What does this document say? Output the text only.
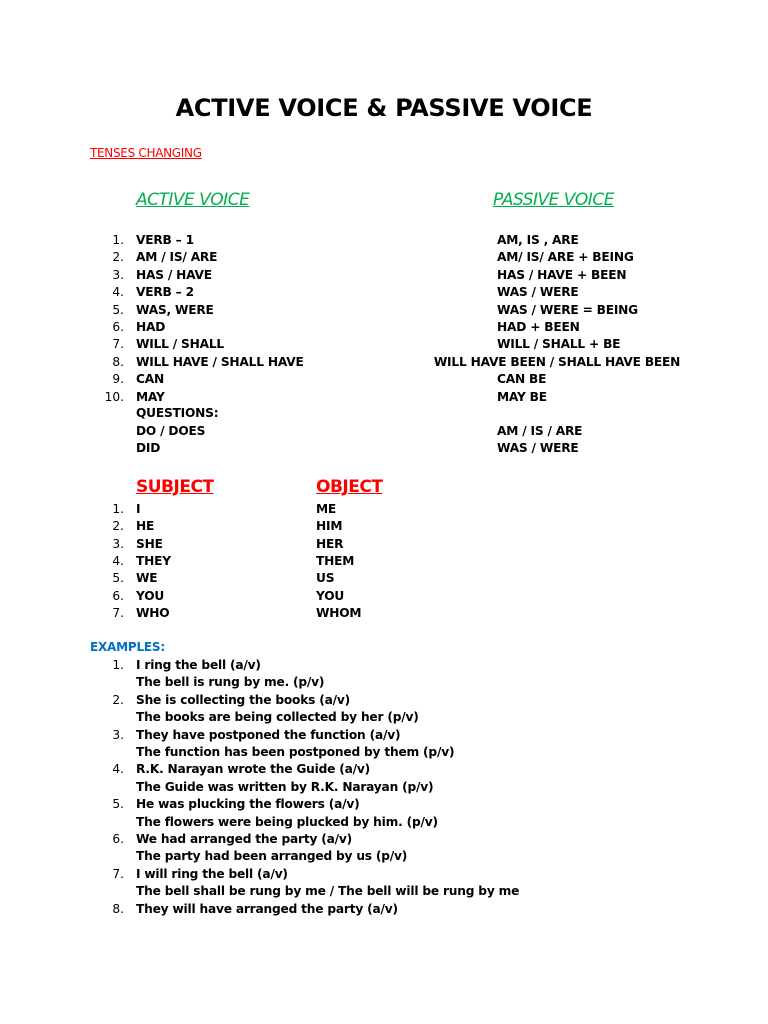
ACTIVE VOICE & PASSIVE VOICE
TENSES CHANGING
ACTIVE VOICE	PASSIVE VOICE
1. VERB – 1	AM, IS , ARE
2. AM / IS/ ARE	AM/ IS/ ARE + BEING
3. HAS / HAVE	HAS / HAVE + BEEN
4. VERB – 2	WAS / WERE
5. WAS, WERE	WAS / WERE = BEING
6. HAD	HAD + BEEN
7. WILL / SHALL	WILL / SHALL + BE
8. WILL HAVE / SHALL HAVE	WILL HAVE BEEN / SHALL HAVE BEEN
9. CAN	CAN BE
10. MAY	MAY BE
QUESTIONS:
DO / DOES	AM / IS / ARE
DID	WAS / WERE
SUBJECT	OBJECT
1. I	ME
2. HE	HIM
3. SHE	HER
4. THEY	THEM
5. WE	US
6. YOU	YOU
7. WHO	WHOM
EXAMPLES:
1. I ring the bell (a/v)
The bell is rung by me. (p/v)
2. She is collecting the books (a/v)
The books are being collected by her (p/v)
3. They have postponed the function (a/v)
The function has been postponed by them (p/v)
4. R.K. Narayan wrote the Guide (a/v)
The Guide was written by R.K. Narayan (p/v)
5. He was plucking the flowers (a/v)
The flowers were being plucked by him. (p/v)
6. We had arranged the party (a/v)
The party had been arranged by us (p/v)
7. I will ring the bell (a/v)
The bell shall be rung by me / The bell will be rung by me
8. They will have arranged the party (a/v)
